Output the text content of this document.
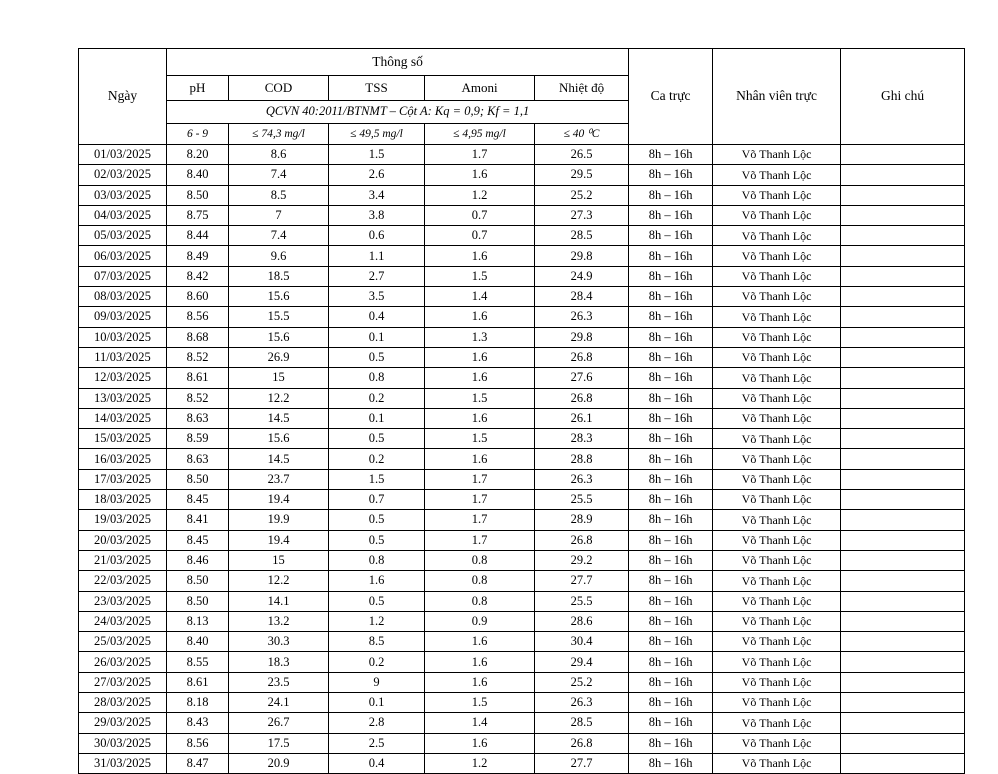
Ngày	Thông số					Ca trực	Nhân viên trực	Ghi chú
	pH	COD	TSS	Amoni	Nhiệt độ			
	QCVN 40:2011/BTNMT – Cột A: Kq = 0,9; Kf = 1,1							
	6 - 9	≤ 74,3 mg/l	≤ 49,5 mg/l	≤ 4,95 mg/l	≤ 40 ⁰C			
01/03/2025	8.20	8.6	1.5	1.7	26.5	8h – 16h	Võ Thanh Lộc	
02/03/2025	8.40	7.4	2.6	1.6	29.5	8h – 16h	Võ Thanh Lộc	
03/03/2025	8.50	8.5	3.4	1.2	25.2	8h – 16h	Võ Thanh Lộc	
04/03/2025	8.75	7	3.8	0.7	27.3	8h – 16h	Võ Thanh Lộc	
05/03/2025	8.44	7.4	0.6	0.7	28.5	8h – 16h	Võ Thanh Lộc	
06/03/2025	8.49	9.6	1.1	1.6	29.8	8h – 16h	Võ Thanh Lộc	
07/03/2025	8.42	18.5	2.7	1.5	24.9	8h – 16h	Võ Thanh Lộc	
08/03/2025	8.60	15.6	3.5	1.4	28.4	8h – 16h	Võ Thanh Lộc	
09/03/2025	8.56	15.5	0.4	1.6	26.3	8h – 16h	Võ Thanh Lộc	
10/03/2025	8.68	15.6	0.1	1.3	29.8	8h – 16h	Võ Thanh Lộc	
11/03/2025	8.52	26.9	0.5	1.6	26.8	8h – 16h	Võ Thanh Lộc	
12/03/2025	8.61	15	0.8	1.6	27.6	8h – 16h	Võ Thanh Lộc	
13/03/2025	8.52	12.2	0.2	1.5	26.8	8h – 16h	Võ Thanh Lộc	
14/03/2025	8.63	14.5	0.1	1.6	26.1	8h – 16h	Võ Thanh Lộc	
15/03/2025	8.59	15.6	0.5	1.5	28.3	8h – 16h	Võ Thanh Lộc	
16/03/2025	8.63	14.5	0.2	1.6	28.8	8h – 16h	Võ Thanh Lộc	
17/03/2025	8.50	23.7	1.5	1.7	26.3	8h – 16h	Võ Thanh Lộc	
18/03/2025	8.45	19.4	0.7	1.7	25.5	8h – 16h	Võ Thanh Lộc	
19/03/2025	8.41	19.9	0.5	1.7	28.9	8h – 16h	Võ Thanh Lộc	
20/03/2025	8.45	19.4	0.5	1.7	26.8	8h – 16h	Võ Thanh Lộc	
21/03/2025	8.46	15	0.8	0.8	29.2	8h – 16h	Võ Thanh Lộc	
22/03/2025	8.50	12.2	1.6	0.8	27.7	8h – 16h	Võ Thanh Lộc	
23/03/2025	8.50	14.1	0.5	0.8	25.5	8h – 16h	Võ Thanh Lộc	
24/03/2025	8.13	13.2	1.2	0.9	28.6	8h – 16h	Võ Thanh Lộc	
25/03/2025	8.40	30.3	8.5	1.6	30.4	8h – 16h	Võ Thanh Lộc	
26/03/2025	8.55	18.3	0.2	1.6	29.4	8h – 16h	Võ Thanh Lộc	
27/03/2025	8.61	23.5	9	1.6	25.2	8h – 16h	Võ Thanh Lộc	
28/03/2025	8.18	24.1	0.1	1.5	26.3	8h – 16h	Võ Thanh Lộc	
29/03/2025	8.43	26.7	2.8	1.4	28.5	8h – 16h	Võ Thanh Lộc	
30/03/2025	8.56	17.5	2.5	1.6	26.8	8h – 16h	Võ Thanh Lộc	
31/03/2025	8.47	20.9	0.4	1.2	27.7	8h – 16h	Võ Thanh Lộc	
